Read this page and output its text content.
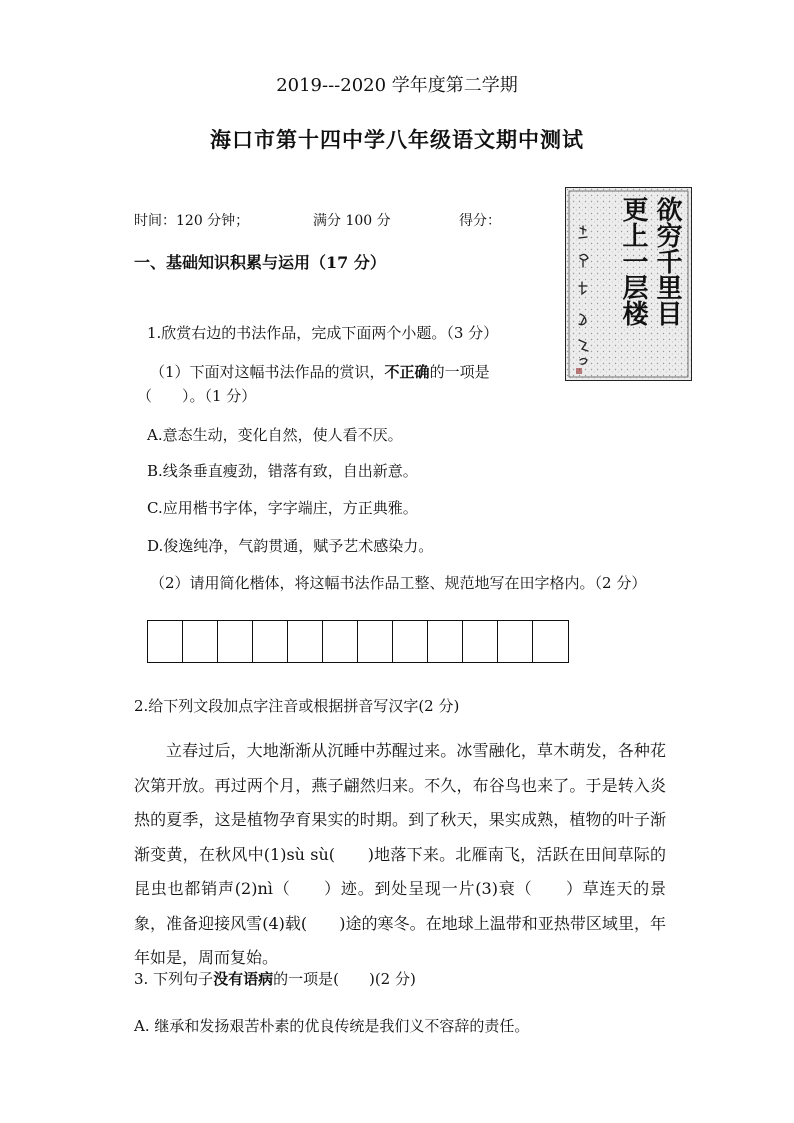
2019---2020 学年度第二学期
海口市第十四中学八年级语文期中测试
时间：120 分钟；	满分 100 分	得分：
一、基础知识积累与运用（17 分）	欲穷千里目
更上一层楼
1.欣赏右边的书法作品，完成下面两个小题。（3 分）
（1）下面对这幅书法作品的赏识，不正确的一项是
（　　）。（1 分）
A.意态生动，变化自然，使人看不厌。
B.线条垂直瘦劲，错落有致，自出新意。
C.应用楷书字体，字字端庄，方正典雅。
D.俊逸纯净，气韵贯通，赋予艺术感染力。
（2）请用简化楷体，将这幅书法作品工整、规范地写在田字格内。（2 分）
2.给下列文段加点字注音或根据拼音写汉字(2 分)

立春过后，大地渐渐从沉睡中苏醒过来。冰雪融化，草木萌发，各种花次第开放。再过两个月，燕子翩然归来。不久，布谷鸟也来了。于是转入炎热的夏季，这是植物孕育果实的时期。到了秋天，果实成熟，植物的叶子渐渐变黄，在秋风中(1)sù sù(　　)地落下来。北雁南飞，活跃在田间草际的昆虫也都销声(2)nì（　　）迹。到处呈现一片(3)衰（　　）草连天的景象，准备迎接风雪(4)载(　　)途的寒冬。在地球上温带和亚热带区域里，年年如是，周而复始。

3. 下列句子没有语病的一项是(　　)(2 分)
A. 继承和发扬艰苦朴素的优良传统是我们义不容辞的责任。
